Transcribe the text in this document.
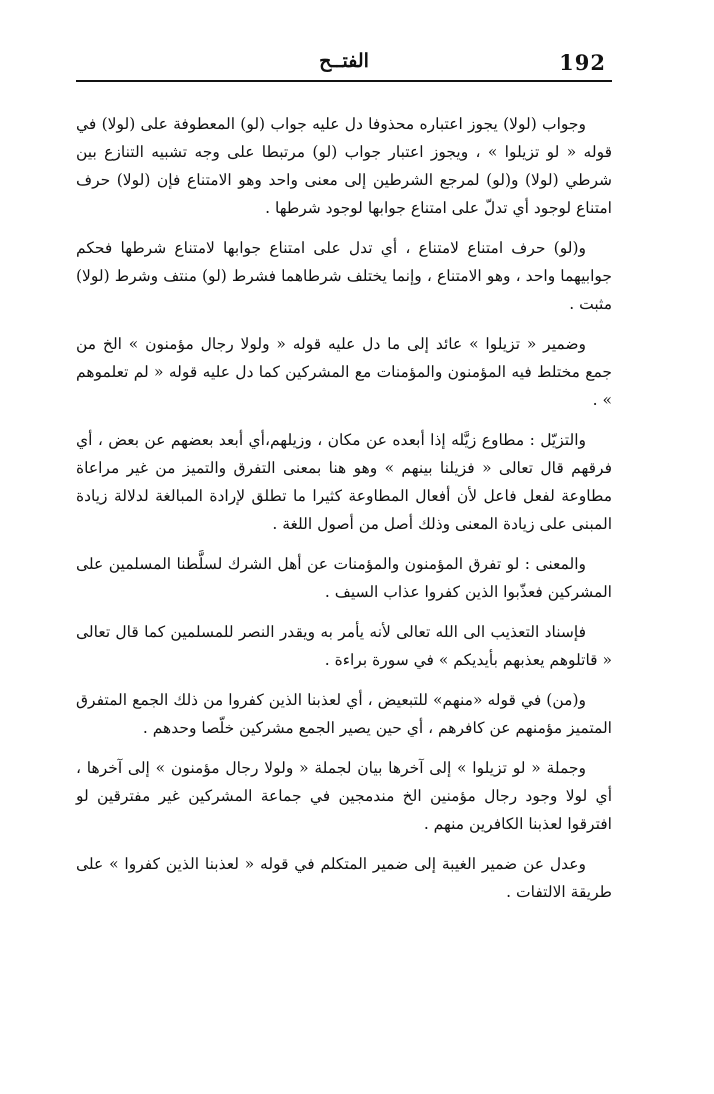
192
الفتــح

وجواب (لولا) يجوز اعتباره محذوفا دل عليه جواب (لو) المعطوفة على (لولا) في قوله « لو تزيلوا » ، ويجوز اعتبار جواب (لو) مرتبطا على وجه تشبيه التنازع بين شرطي (لولا) و(لو) لمرجع الشرطين إلى معنى واحد وهو الامتناع فإن (لولا) حرف امتناع لوجود أي تدلّ على امتناع جوابها لوجود شرطها .

و(لو) حرف امتناع لامتناع ، أي تدل على امتناع جوابها لامتناع شرطها فحكم جوابيهما واحد ، وهو الامتناع ، وإنما يختلف شرطاهما فشرط (لو) منتف وشرط (لولا) مثبت .

وضمير « تزيلوا » عائد إلى ما دل عليه قوله « ولولا رجال مؤمنون » الخ من جمع مختلط فيه المؤمنون والمؤمنات مع المشركين كما دل عليه قوله « لم تعلموهم » .

والتزيّل : مطاوع زيَّله إذا أبعده عن مكان ، وزيلهم،أي أبعد بعضهم عن بعض ، أي فرقهم قال تعالى « فزيلنا بينهم » وهو هنا بمعنى التفرق والتميز من غير مراعاة مطاوعة لفعل فاعل لأن أفعال المطاوعة كثيرا ما تطلق لإرادة المبالغة لدلالة زيادة المبنى على زيادة المعنى وذلك أصل من أصول اللغة .

والمعنى : لو تفرق المؤمنون والمؤمنات عن أهل الشرك لسلَّطنا المسلمين على المشركين فعذّبوا الذين كفروا عذاب السيف .

فإسناد التعذيب الى الله تعالى لأنه يأمر به ويقدر النصر للمسلمين كما قال تعالى « قاتلوهم يعذبهم بأيديكم » في سورة براءة .

و(من) في قوله «منهم» للتبعيض ، أي لعذبنا الذين كفروا من ذلك الجمع المتفرق المتميز مؤمنهم عن كافرهم ، أي حين يصير الجمع مشركين خلّصا وحدهم .

وجملة « لو تزيلوا » إلى آخرها بيان لجملة « ولولا رجال مؤمنون » إلى آخرها ، أي لولا وجود رجال مؤمنين الخ مندمجين في جماعة المشركين غير مفترقين لو افترقوا لعذبنا الكافرين منهم .

وعدل عن ضمير الغيبة إلى ضمير المتكلم في قوله « لعذبنا الذين كفروا » على طريقة الالتفات .
